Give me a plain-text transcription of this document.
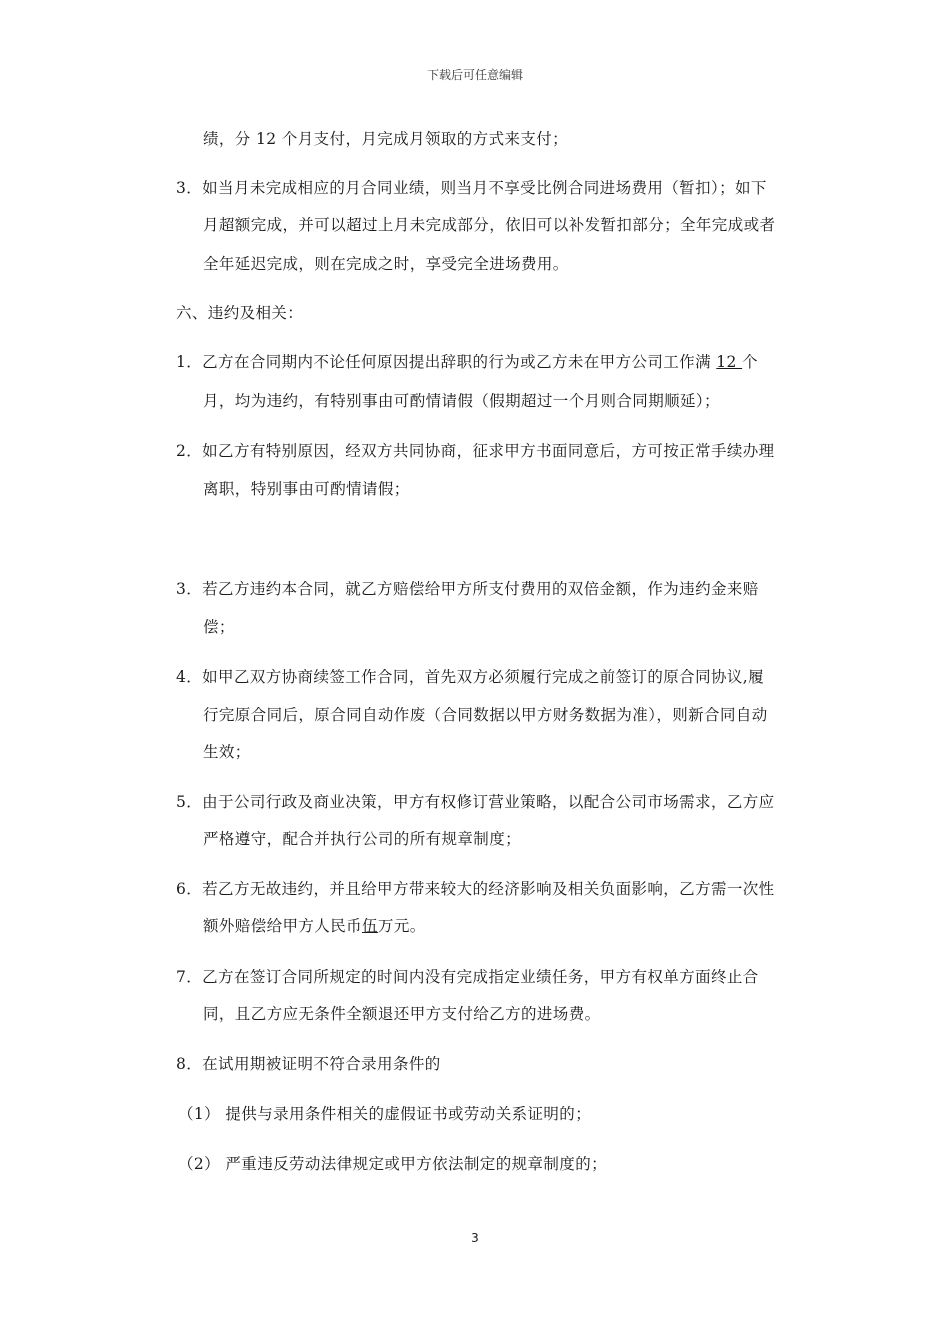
下载后可任意编辑
绩，分 12 个月支付，月完成月领取的方式来支付；
3．如当月未完成相应的月合同业绩，则当月不享受比例合同进场费用（暂扣）；如下
月超额完成，并可以超过上月未完成部分，依旧可以补发暂扣部分；全年完成或者
全年延迟完成，则在完成之时，享受完全进场费用。
六、违约及相关：
1．乙方在合同期内不论任何原因提出辞职的行为或乙方未在甲方公司工作满 12 个
月，均为违约，有特别事由可酌情请假（假期超过一个月则合同期顺延）；
2．如乙方有特别原因，经双方共同协商，征求甲方书面同意后，方可按正常手续办理
离职，特别事由可酌情请假；
3．若乙方违约本合同，就乙方赔偿给甲方所支付费用的双倍金额，作为违约金来赔
偿；
4．如甲乙双方协商续签工作合同，首先双方必须履行完成之前签订的原合同协议,履
行完原合同后，原合同自动作废（合同数据以甲方财务数据为准），则新合同自动
生效；
5．由于公司行政及商业决策，甲方有权修订营业策略，以配合公司市场需求，乙方应
严格遵守，配合并执行公司的所有规章制度；
6．若乙方无故违约，并且给甲方带来较大的经济影响及相关负面影响，乙方需一次性
额外赔偿给甲方人民币伍万元。
7．乙方在签订合同所规定的时间内没有完成指定业绩任务，甲方有权单方面终止合
同，且乙方应无条件全额退还甲方支付给乙方的进场费。
8．在试用期被证明不符合录用条件的
（1） 提供与录用条件相关的虚假证书或劳动关系证明的；
（2） 严重违反劳动法律规定或甲方依法制定的规章制度的；
3
